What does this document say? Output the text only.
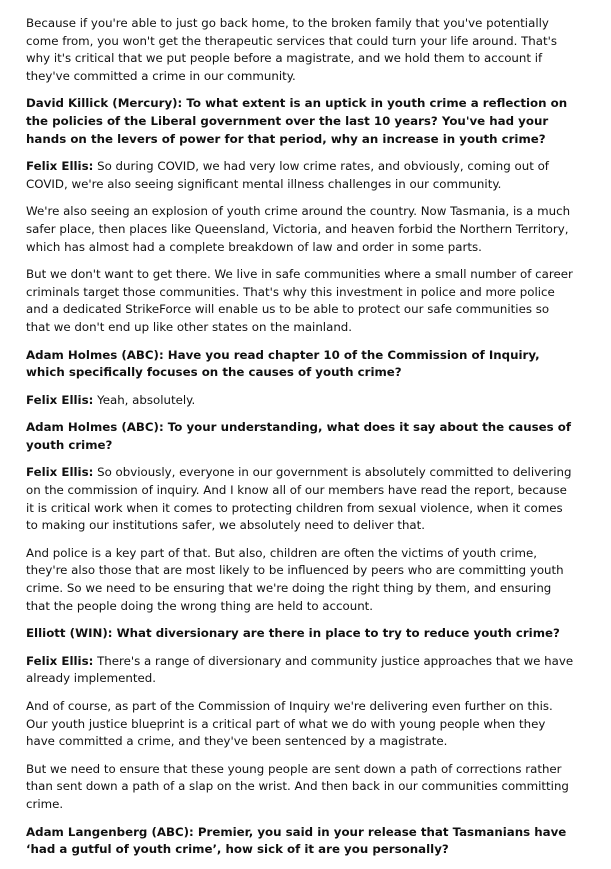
Because if you're able to just go back home, to the broken family that you've potentially come from, you won't get the therapeutic services that could turn your life around. That's why it's critical that we put people before a magistrate, and we hold them to account if they've committed a crime in our community.

David Killick (Mercury): To what extent is an uptick in youth crime a reflection on the policies of the Liberal government over the last 10 years? You've had your hands on the levers of power for that period, why an increase in youth crime?

Felix Ellis: So during COVID, we had very low crime rates, and obviously, coming out of COVID, we're also seeing significant mental illness challenges in our community.

We're also seeing an explosion of youth crime around the country. Now Tasmania, is a much safer place, then places like Queensland, Victoria, and heaven forbid the Northern Territory, which has almost had a complete breakdown of law and order in some parts.

But we don't want to get there. We live in safe communities where a small number of career criminals target those communities. That's why this investment in police and more police and a dedicated StrikeForce will enable us to be able to protect our safe communities so that we don't end up like other states on the mainland.

Adam Holmes (ABC): Have you read chapter 10 of the Commission of Inquiry, which specifically focuses on the causes of youth crime?

Felix Ellis: Yeah, absolutely.

Adam Holmes (ABC): To your understanding, what does it say about the causes of youth crime?

Felix Ellis: So obviously, everyone in our government is absolutely committed to delivering on the commission of inquiry. And I know all of our members have read the report, because it is critical work when it comes to protecting children from sexual violence, when it comes to making our institutions safer, we absolutely need to deliver that.

And police is a key part of that. But also, children are often the victims of youth crime, they're also those that are most likely to be influenced by peers who are committing youth crime. So we need to be ensuring that we're doing the right thing by them, and ensuring that the people doing the wrong thing are held to account.

Elliott (WIN): What diversionary are there in place to try to reduce youth crime?

Felix Ellis: There's a range of diversionary and community justice approaches that we have already implemented.

And of course, as part of the Commission of Inquiry we're delivering even further on this. Our youth justice blueprint is a critical part of what we do with young people when they have committed a crime, and they've been sentenced by a magistrate.

But we need to ensure that these young people are sent down a path of corrections rather than sent down a path of a slap on the wrist. And then back in our communities committing crime.

Adam Langenberg (ABC): Premier, you said in your release that Tasmanians have ‘had a gutful of youth crime’, how sick of it are you personally?
